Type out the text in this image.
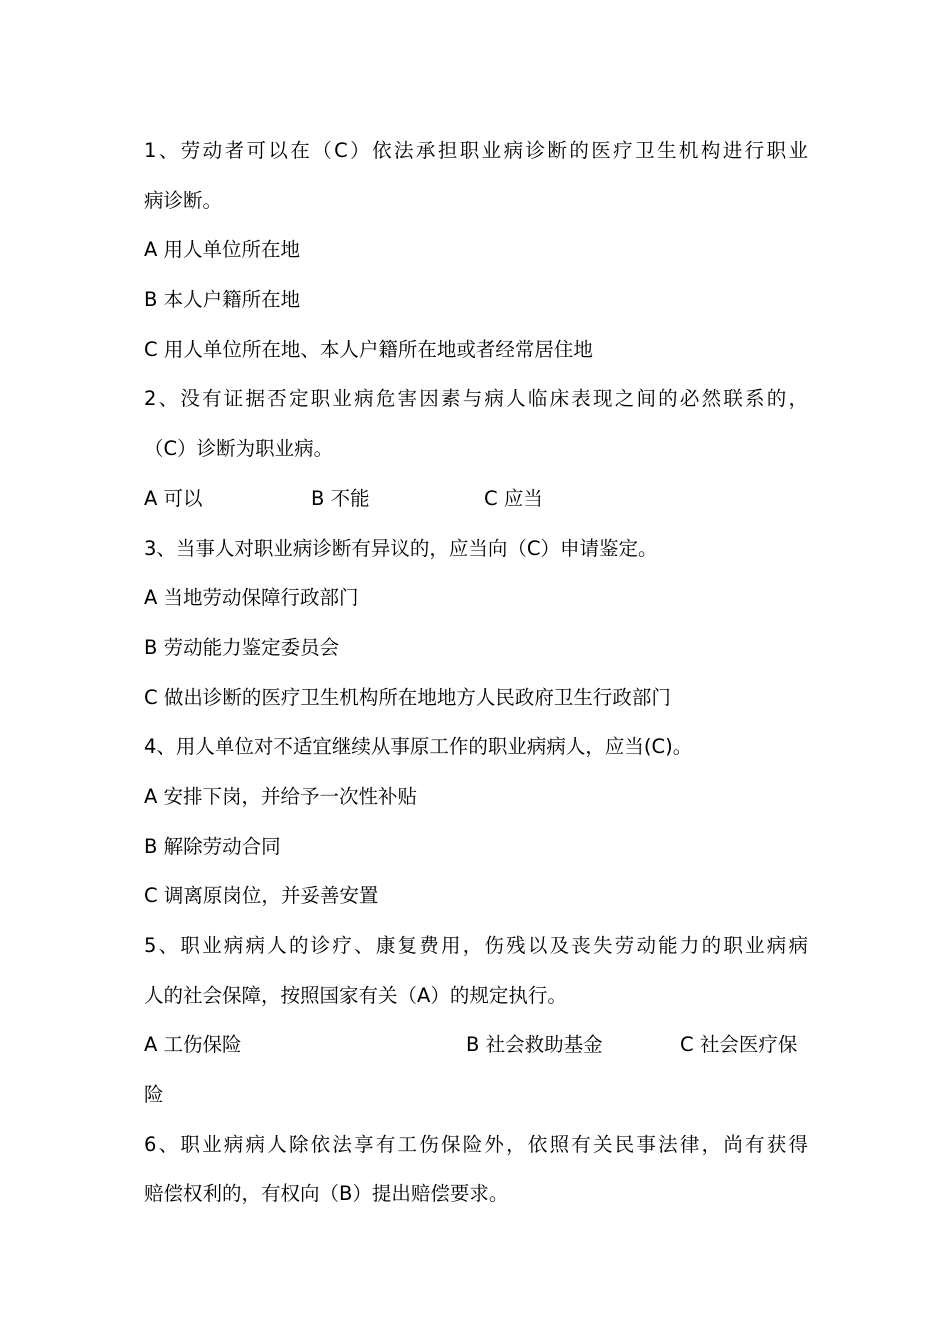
1、劳动者可以在（C）依法承担职业病诊断的医疗卫生机构进行职业
病诊断。
A 用人单位所在地
B 本人户籍所在地
C 用人单位所在地、本人户籍所在地或者经常居住地
2、没有证据否定职业病危害因素与病人临床表现之间的必然联系的，
（C）诊断为职业病。
A 可以	B 不能	C 应当
3、当事人对职业病诊断有异议的，应当向（C）申请鉴定。
A 当地劳动保障行政部门
B 劳动能力鉴定委员会
C 做出诊断的医疗卫生机构所在地地方人民政府卫生行政部门
4、用人单位对不适宜继续从事原工作的职业病病人，应当(C)。
A 安排下岗，并给予一次性补贴
B 解除劳动合同
C 调离原岗位，并妥善安置
5、职业病病人的诊疗、康复费用，伤残以及丧失劳动能力的职业病病
人的社会保障，按照国家有关（A）的规定执行。
A 工伤保险	B 社会救助基金	C 社会医疗保
险
6、职业病病人除依法享有工伤保险外，依照有关民事法律，尚有获得
赔偿权利的，有权向（B）提出赔偿要求。
